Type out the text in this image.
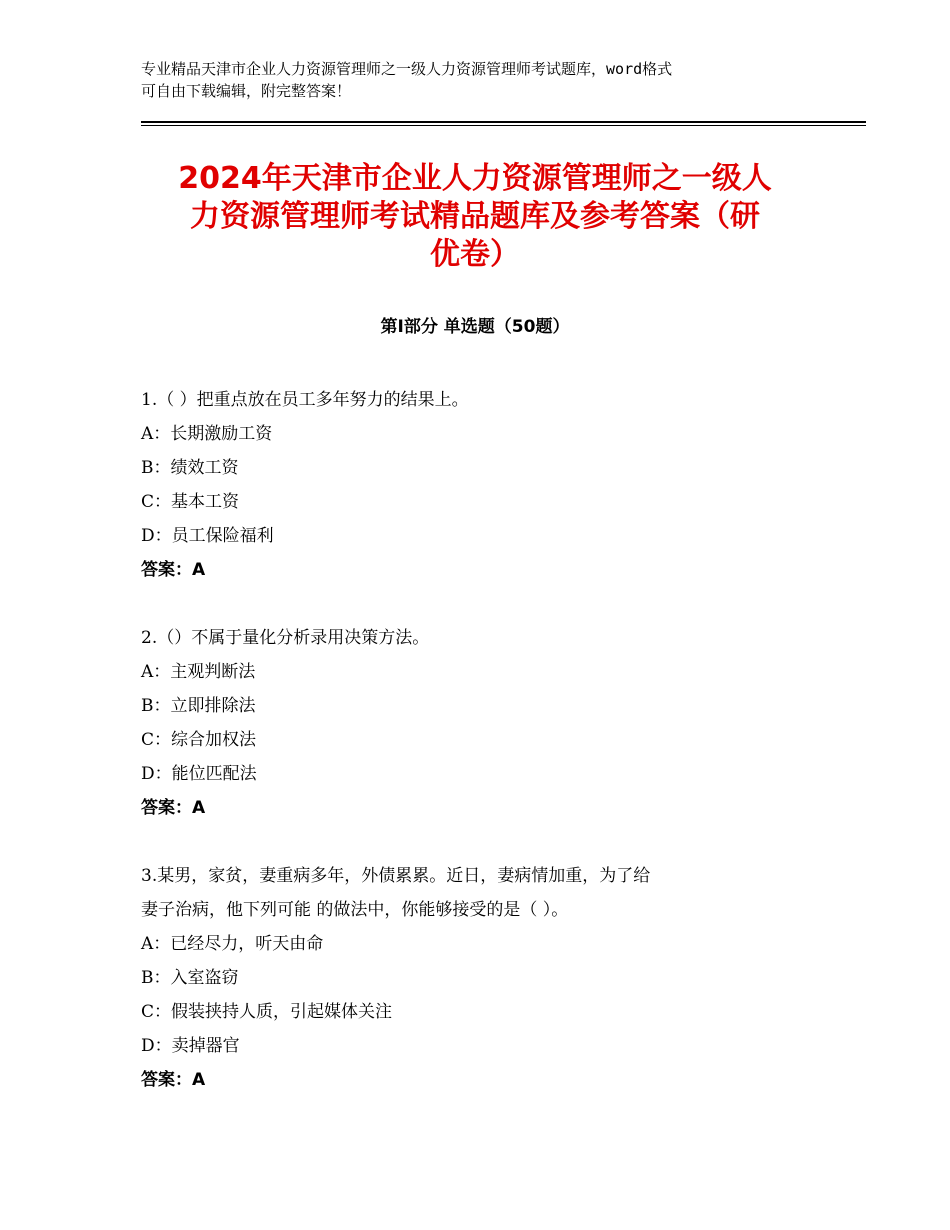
专业精品天津市企业人力资源管理师之一级人力资源管理师考试题库，word格式
可自由下载编辑，附完整答案！
2024年天津市企业人力资源管理师之一级人
力资源管理师考试精品题库及参考答案（研
优卷）
第Ⅰ部分 单选题（50题）
1.（ ）把重点放在员工多年努力的结果上。
A：长期激励工资
B：绩效工资
C：基本工资
D：员工保险福利
答案：A
2.（）不属于量化分析录用决策方法。
A：主观判断法
B：立即排除法
C：综合加权法
D：能位匹配法
答案：A
3.某男，家贫，妻重病多年，外债累累。近日，妻病情加重，为了给
妻子治病，他下列可能 的做法中，你能够接受的是（ ）。
A：已经尽力，听天由命
B：入室盗窃
C：假装挟持人质，引起媒体关注
D：卖掉器官
答案：A
